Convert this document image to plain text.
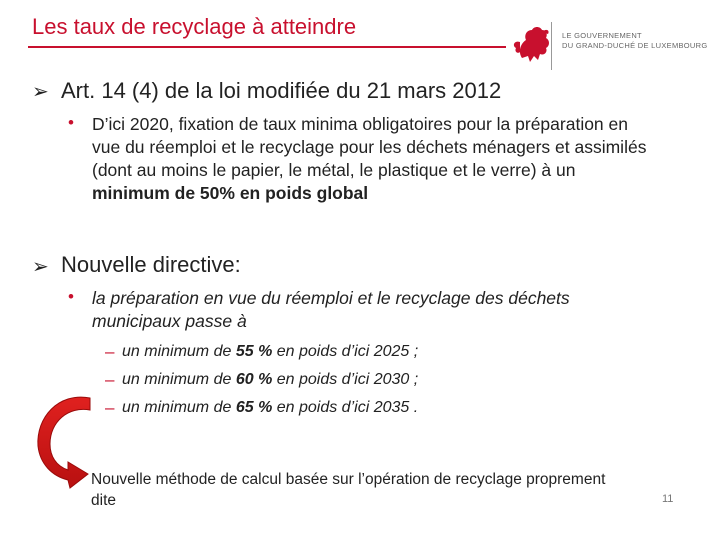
Les taux de recyclage à atteindre	LE GOUVERNEMENT
DU GRAND-DUCHÉ DE LUXEMBOURG
➢ Art. 14 (4) de la loi modifiée du 21 mars 2012
• D’ici 2020, fixation de taux minima obligatoires pour la préparation en vue du réemploi et le recyclage pour les déchets ménagers et assimilés (dont au moins le papier, le métal, le plastique et le verre) à un minimum de 50% en poids global
➢ Nouvelle directive:
• la préparation en vue du réemploi et le recyclage des déchets municipaux passe à
– un minimum de 55 % en poids d’ici 2025 ;
– un minimum de 60 % en poids d’ici 2030 ;
– un minimum de 65 % en poids d’ici 2035 .
Nouvelle méthode de calcul basée sur l’opération de recyclage proprement dite	11
